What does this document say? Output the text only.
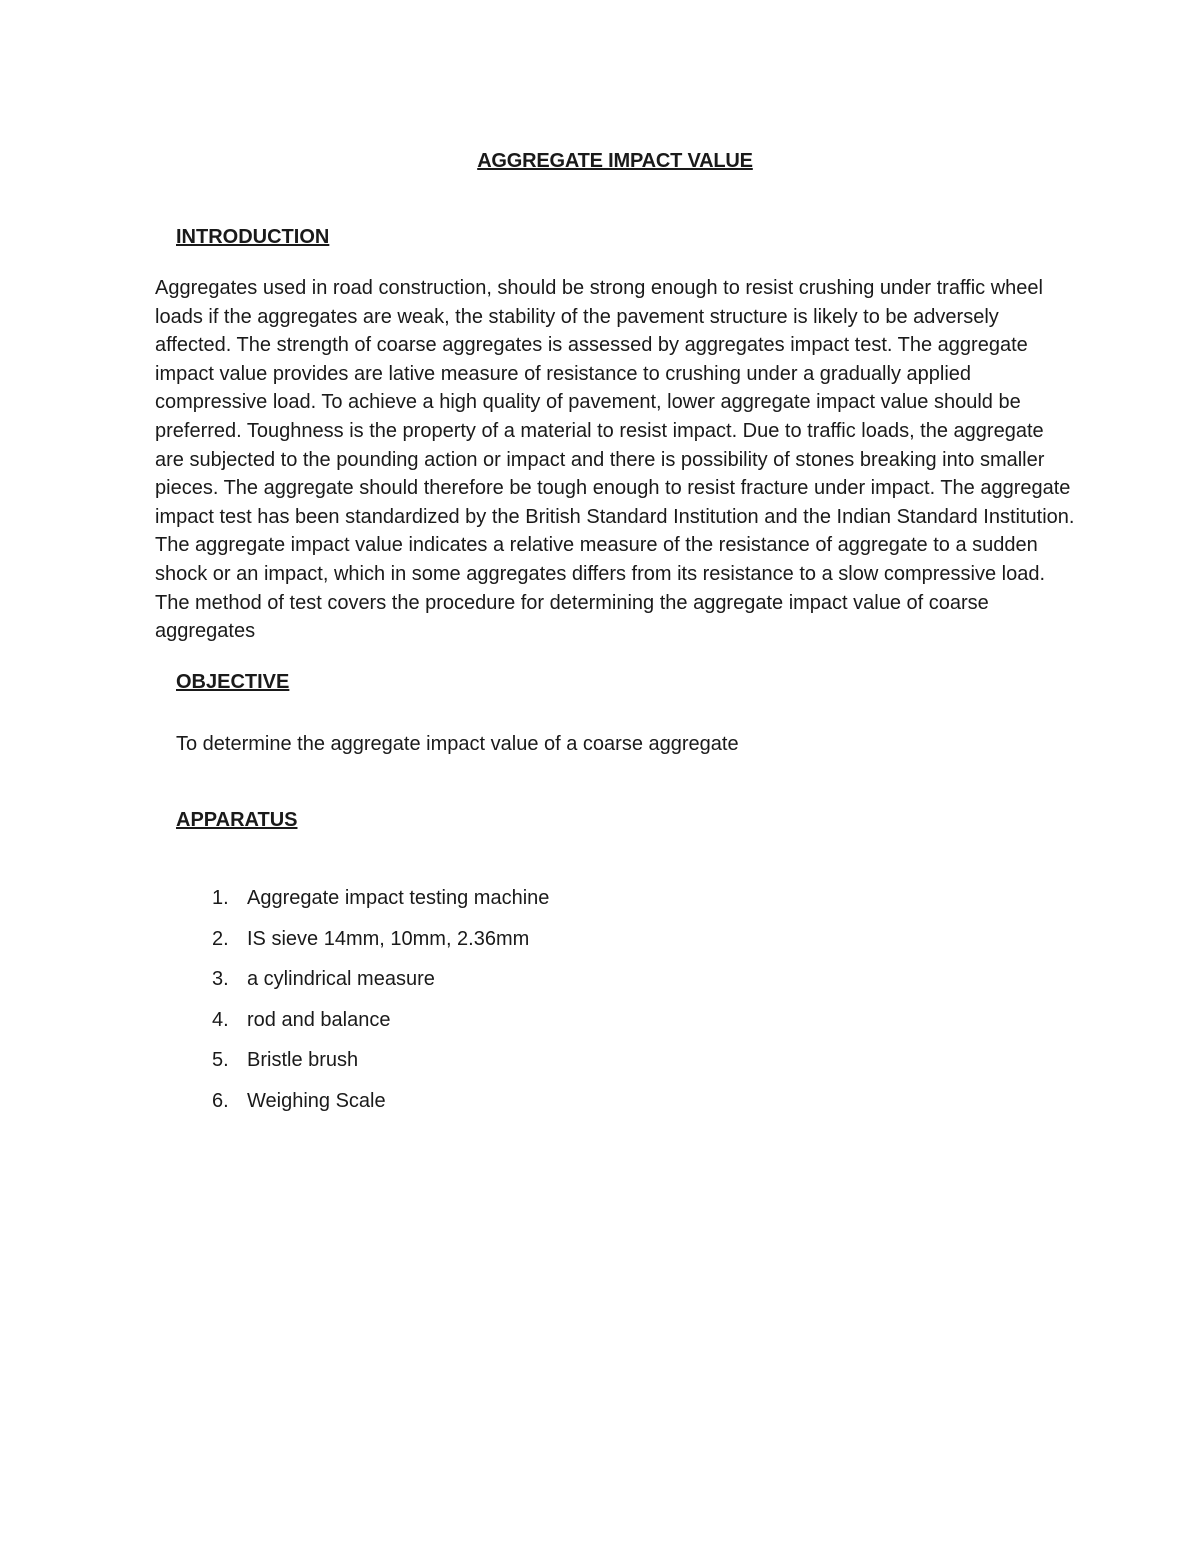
AGGREGATE IMPACT VALUE
INTRODUCTION

Aggregates used in road construction, should be strong enough to resist crushing under traffic wheel loads if the aggregates are weak, the stability of the pavement structure is likely to be adversely affected. The strength of coarse aggregates is assessed by aggregates impact test. The aggregate impact value provides are lative measure of resistance to crushing under a gradually applied compressive load. To achieve a high quality of pavement, lower aggregate impact value should be preferred. Toughness is the property of a material to resist impact. Due to traffic loads, the aggregate are subjected to the pounding action or impact and there is possibility of stones breaking into smaller pieces. The aggregate should therefore be tough enough to resist fracture under impact. The aggregate impact test has been standardized by the British Standard Institution and the Indian Standard Institution. The aggregate impact value indicates a relative measure of the resistance of aggregate to a sudden shock or an impact, which in some aggregates differs from its resistance to a slow compressive load. The method of test covers the procedure for determining the aggregate impact value of coarse aggregates

OBJECTIVE

To determine the aggregate impact value of a coarse aggregate

APPARATUS
1. Aggregate impact testing machine
2. IS sieve 14mm, 10mm, 2.36mm
3. a cylindrical measure
4. rod and balance
5. Bristle brush
6. Weighing Scale
